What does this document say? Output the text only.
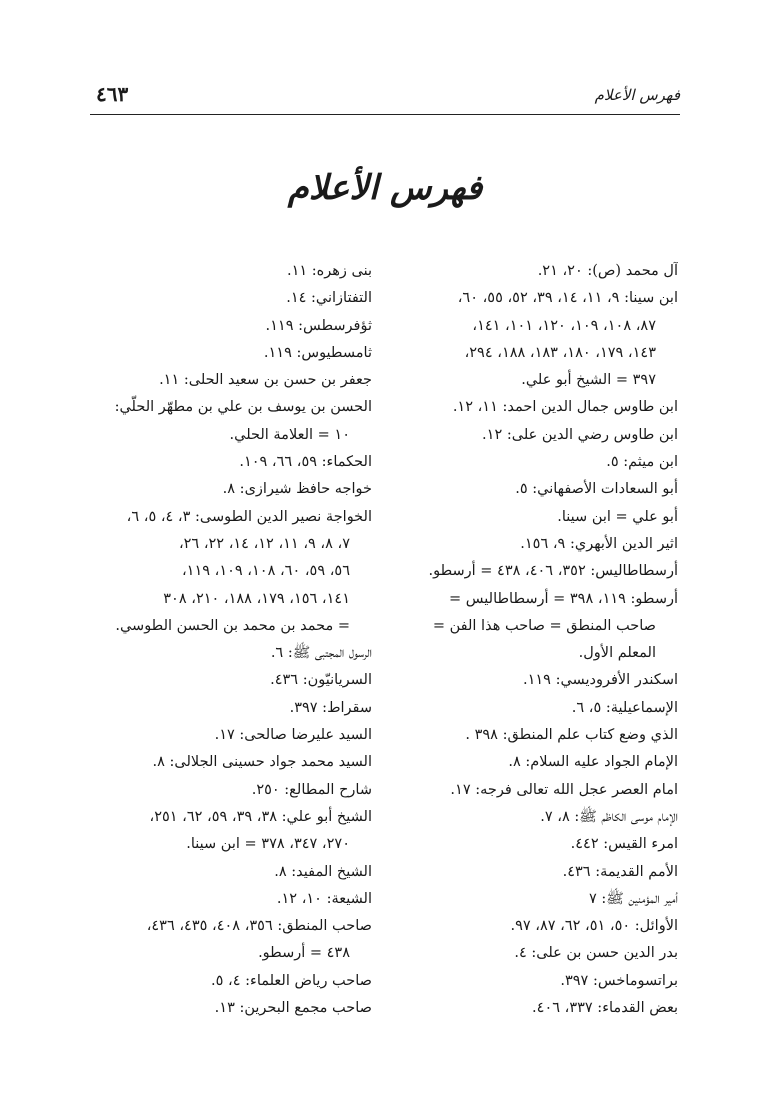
فهرس الأعلام
٤٦٣
فهرس الأعلام
آل محمد (ص): ٢٠، ٢١.
ابن سينا: ٩، ١١، ١٤، ٣٩، ٥٢، ٥٥، ٦٠،
٨٧، ١٠٨، ١٠٩، ١٢٠، ١٠١، ١٤١،
١٤٣، ١٧٩، ١٨٠، ١٨٣، ١٨٨، ٢٩٤،
٣٩٧ = الشيخ أبو علي.
ابن طاوس جمال الدين احمد: ١١، ١٢.
ابن طاوس رضي الدين على: ١٢.
ابن ميثم: ٥.
أبو السعادات الأصفهاني: ٥.
أبو علي = ابن سينا.
اثير الدين الأبهري: ٩، ١٥٦.
أرسطاطاليس: ٣٥٢، ٤٠٦، ٤٣٨ = أرسطو.
أرسطو: ١١٩، ٣٩٨ = أرسطاطاليس =
صاحب المنطق = صاحب هذا الفن =
المعلم الأول.
اسكندر الأفروديسي: ١١٩.
الإسماعيلية: ٥، ٦.
الذي وضع كتاب علم المنطق: ٣٩٨ .
الإمام الجواد عليه السلام: ٨.
امام العصر عجل الله تعالى فرجه: ١٧.
الإمام موسى الكاظم ﷺ: ٨، ٧.
امرء القيس: ٤٤٢.
الأمم القديمة: ٤٣٦.
أمير المؤمنين ﷺ: ٧
الأوائل: ٥٠، ٥١، ٦٢، ٨٧، ٩٧.
بدر الدين حسن بن على: ٤.
براتسوماخس: ٣٩٧.
بعض القدماء: ٣٣٧، ٤٠٦.
بنى زهره: ١١.
التفتازاني: ١٤.
ثؤفرسطس: ١١٩.
ثامسطيوس: ١١٩.
جعفر بن حسن بن سعيد الحلى: ١١.
الحسن بن يوسف بن علي بن مطهّر الحلّي:
١٠ = العلامة الحلي.
الحكماء: ٥٩، ٦٦، ١٠٩.
خواجه حافظ شيرازى: ٨.
الخواجة نصير الدين الطوسى: ٣، ٤، ٥، ٦،
٧، ٨، ٩، ١١، ١٢، ١٤، ٢٢، ٢٦،
٥٦، ٥٩، ٦٠، ١٠٨، ١٠٩، ١١٩،
١٤١، ١٥٦، ١٧٩، ١٨٨، ٢١٠، ٣٠٨
= محمد بن محمد بن الحسن الطوسي.
الرسول المجتبى ﷺ: ٦.
السريانيّون: ٤٣٦.
سقراط: ٣٩٧.
السيد عليرضا صالحى: ١٧.
السيد محمد جواد حسينى الجلالى: ٨.
شارح المطالع: ٢٥٠.
الشيخ أبو علي: ٣٨، ٣٩، ٥٩، ٦٢، ٢٥١،
٢٧٠، ٣٤٧، ٣٧٨ = ابن سينا.
الشيخ المفيد: ٨.
الشيعة: ١٠، ١٢.
صاحب المنطق: ٣٥٦، ٤٠٨، ٤٣٥، ٤٣٦،
٤٣٨ = أرسطو.
صاحب رياض العلماء: ٤، ٥.
صاحب مجمع البحرين: ١٣.
